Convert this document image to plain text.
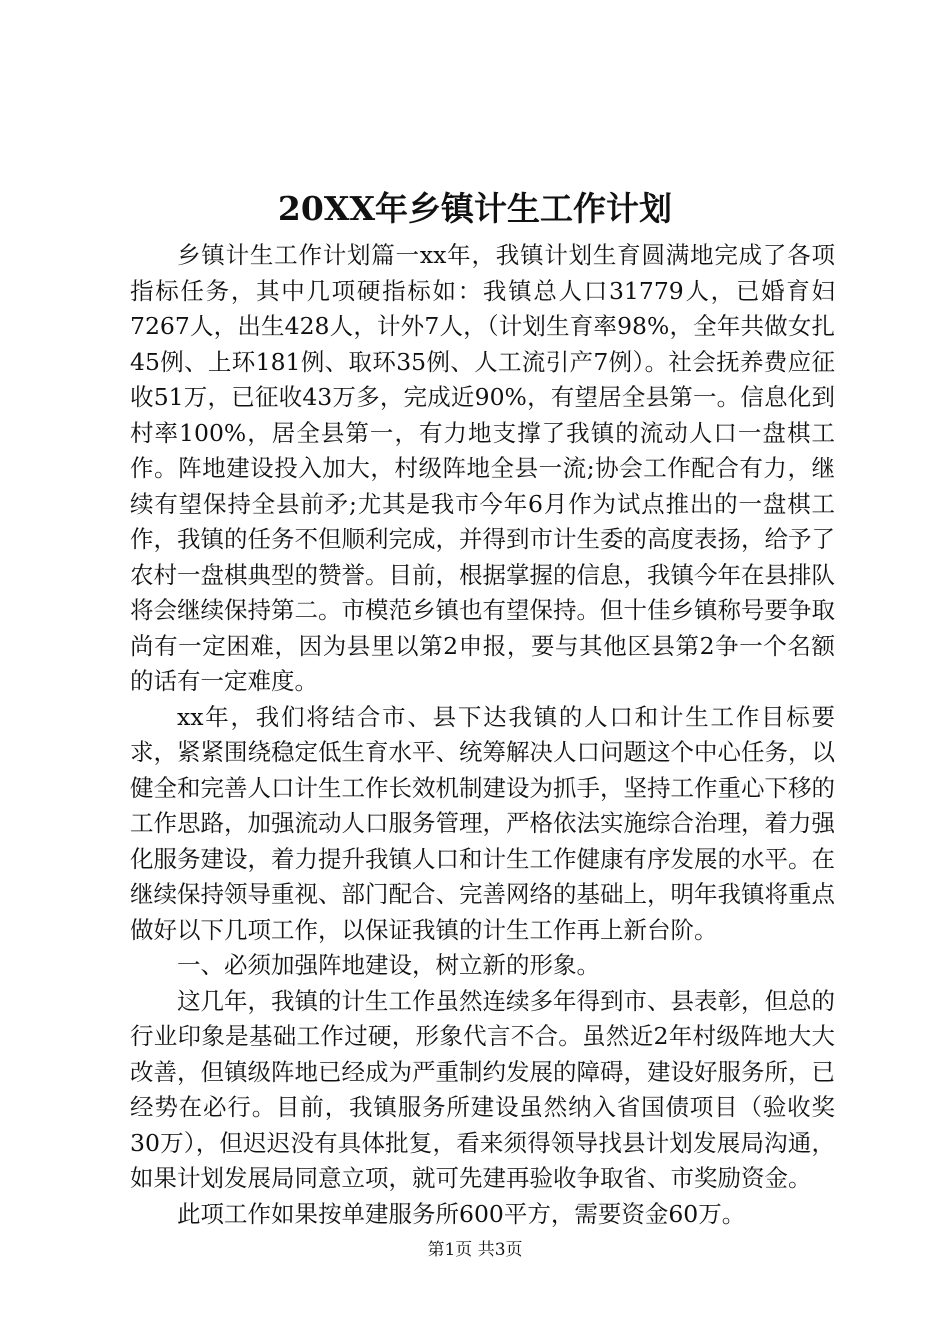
20XX年乡镇计生工作计划

乡镇计生工作计划篇一xx年，我镇计划生育圆满地完成了各项指标任务，其中几项硬指标如：我镇总人口31779人，已婚育妇7267人，出生428人，计外7人，（计划生育率98%，全年共做女扎45例、上环181例、取环35例、人工流引产7例）。社会抚养费应征收51万，已征收43万多，完成近90%，有望居全县第一。信息化到村率100%，居全县第一，有力地支撑了我镇的流动人口一盘棋工作。阵地建设投入加大，村级阵地全县一流;协会工作配合有力，继续有望保持全县前矛;尤其是我市今年6月作为试点推出的一盘棋工作，我镇的任务不但顺利完成，并得到市计生委的高度表扬，给予了农村一盘棋典型的赞誉。目前，根据掌握的信息，我镇今年在县排队将会继续保持第二。市模范乡镇也有望保持。但十佳乡镇称号要争取尚有一定困难，因为县里以第2申报，要与其他区县第2争一个名额的话有一定难度。

xx年，我们将结合市、县下达我镇的人口和计生工作目标要求，紧紧围绕稳定低生育水平、统筹解决人口问题这个中心任务，以健全和完善人口计生工作长效机制建设为抓手，坚持工作重心下移的工作思路，加强流动人口服务管理，严格依法实施综合治理，着力强化服务建设，着力提升我镇人口和计生工作健康有序发展的水平。在继续保持领导重视、部门配合、完善网络的基础上，明年我镇将重点做好以下几项工作，以保证我镇的计生工作再上新台阶。

一、必须加强阵地建设，树立新的形象。

这几年，我镇的计生工作虽然连续多年得到市、县表彰，但总的行业印象是基础工作过硬，形象代言不合。虽然近2年村级阵地大大改善，但镇级阵地已经成为严重制约发展的障碍，建设好服务所，已经势在必行。目前，我镇服务所建设虽然纳入省国债项目（验收奖30万），但迟迟没有具体批复，看来须得领导找县计划发展局沟通，如果计划发展局同意立项，就可先建再验收争取省、市奖励资金。

此项工作如果按单建服务所600平方，需要资金60万。

第1页 共3页
